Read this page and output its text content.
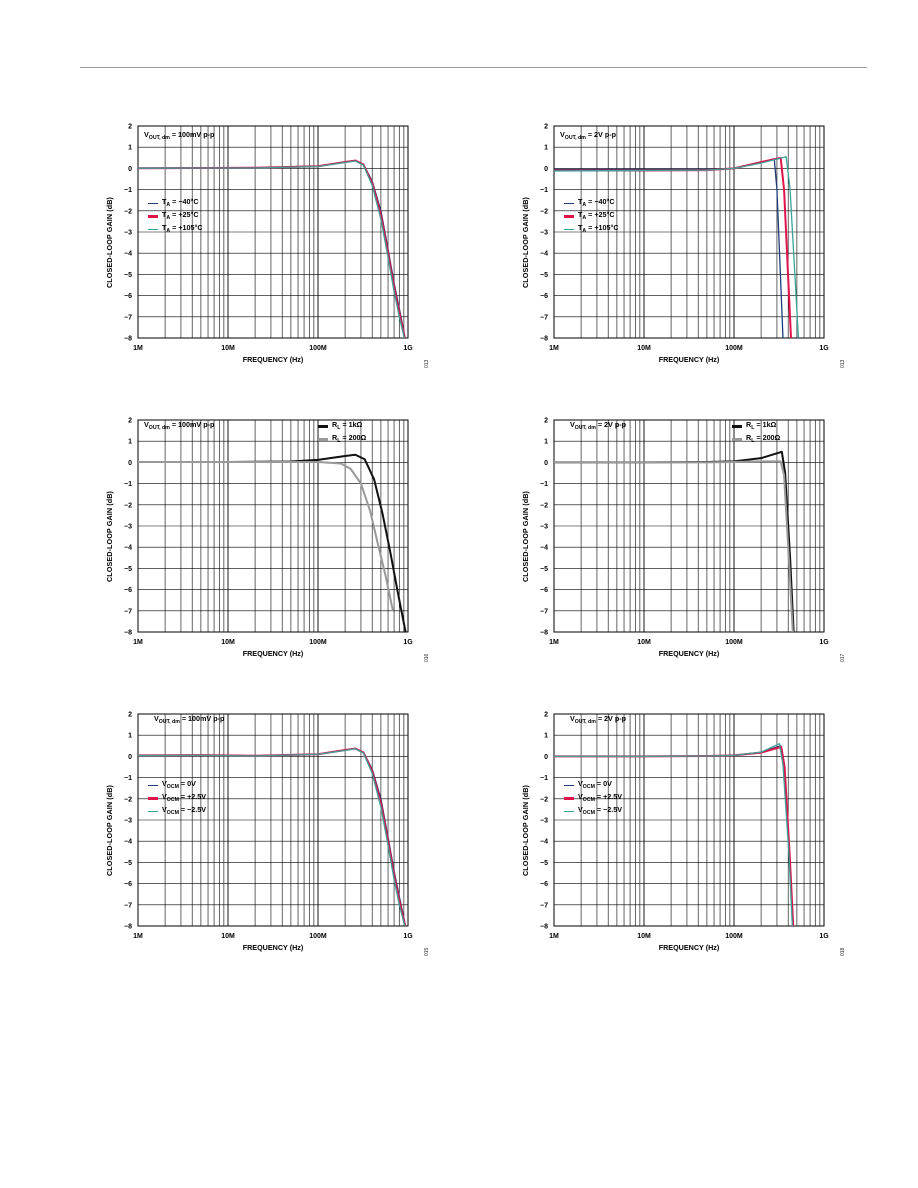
2
1
0
−1
−2
−3
−4
−5
−6
−7
−8
1M	10M	100M	1G
CLOSED-LOOP GAIN (dB)
FREQUENCY (Hz)	013
$V_{OUT, dm} = 100mV$ p-p
$T_A = -40^\circ C$
$T_A = +25^\circ C$
$T_A = +105^\circ C$
2
1
0
−1
−2
−3
−4
−5
−6
−7
−8
1M	10M	100M	1G
CLOSED-LOOP GAIN (dB)
FREQUENCY (Hz)	013
$V_{OUT, dm} = 2V$ p-p
$T_A = -40^\circ C$
$T_A = +25^\circ C$
$T_A = +105^\circ C$
2
1
0
−1
−2
−3
−4
−5
−6
−7
−8
1M	10M	100M	1G
CLOSED-LOOP GAIN (dB)
FREQUENCY (Hz)	016
$V_{OUT, dm} = 100mV$ p-p	$R_L = 1k\Omega$
$R_L = 200\Omega$
2
1
0
−1
−2
−3
−4
−5
−6
−7
−8
1M	10M	100M	1G
CLOSED-LOOP GAIN (dB)
FREQUENCY (Hz)	017
$V_{OUT, dm} = 2V$ p-p	$R_L = 1k\Omega$
$R_L = 200\Omega$
2
1
0
−1
−2
−3
−4
−5
−6
−7
−8
1M	10M	100M	1G
CLOSED-LOOP GAIN (dB)
FREQUENCY (Hz)	015
$V_{OUT, dm} = 100mV$ p-p
$V_{OCM} = 0V$
$V_{OCM} = +2.5V$
$V_{OCM} = -2.5V$
2
1
0
−1
−2
−3
−4
−5
−6
−7
−8
1M	10M	100M	1G
CLOSED-LOOP GAIN (dB)
FREQUENCY (Hz)	018
$V_{OUT, dm} = 2V$ p-p
$V_{OCM} = 0V$
$V_{OCM} = +2.5V$
$V_{OCM} = -2.5V$
